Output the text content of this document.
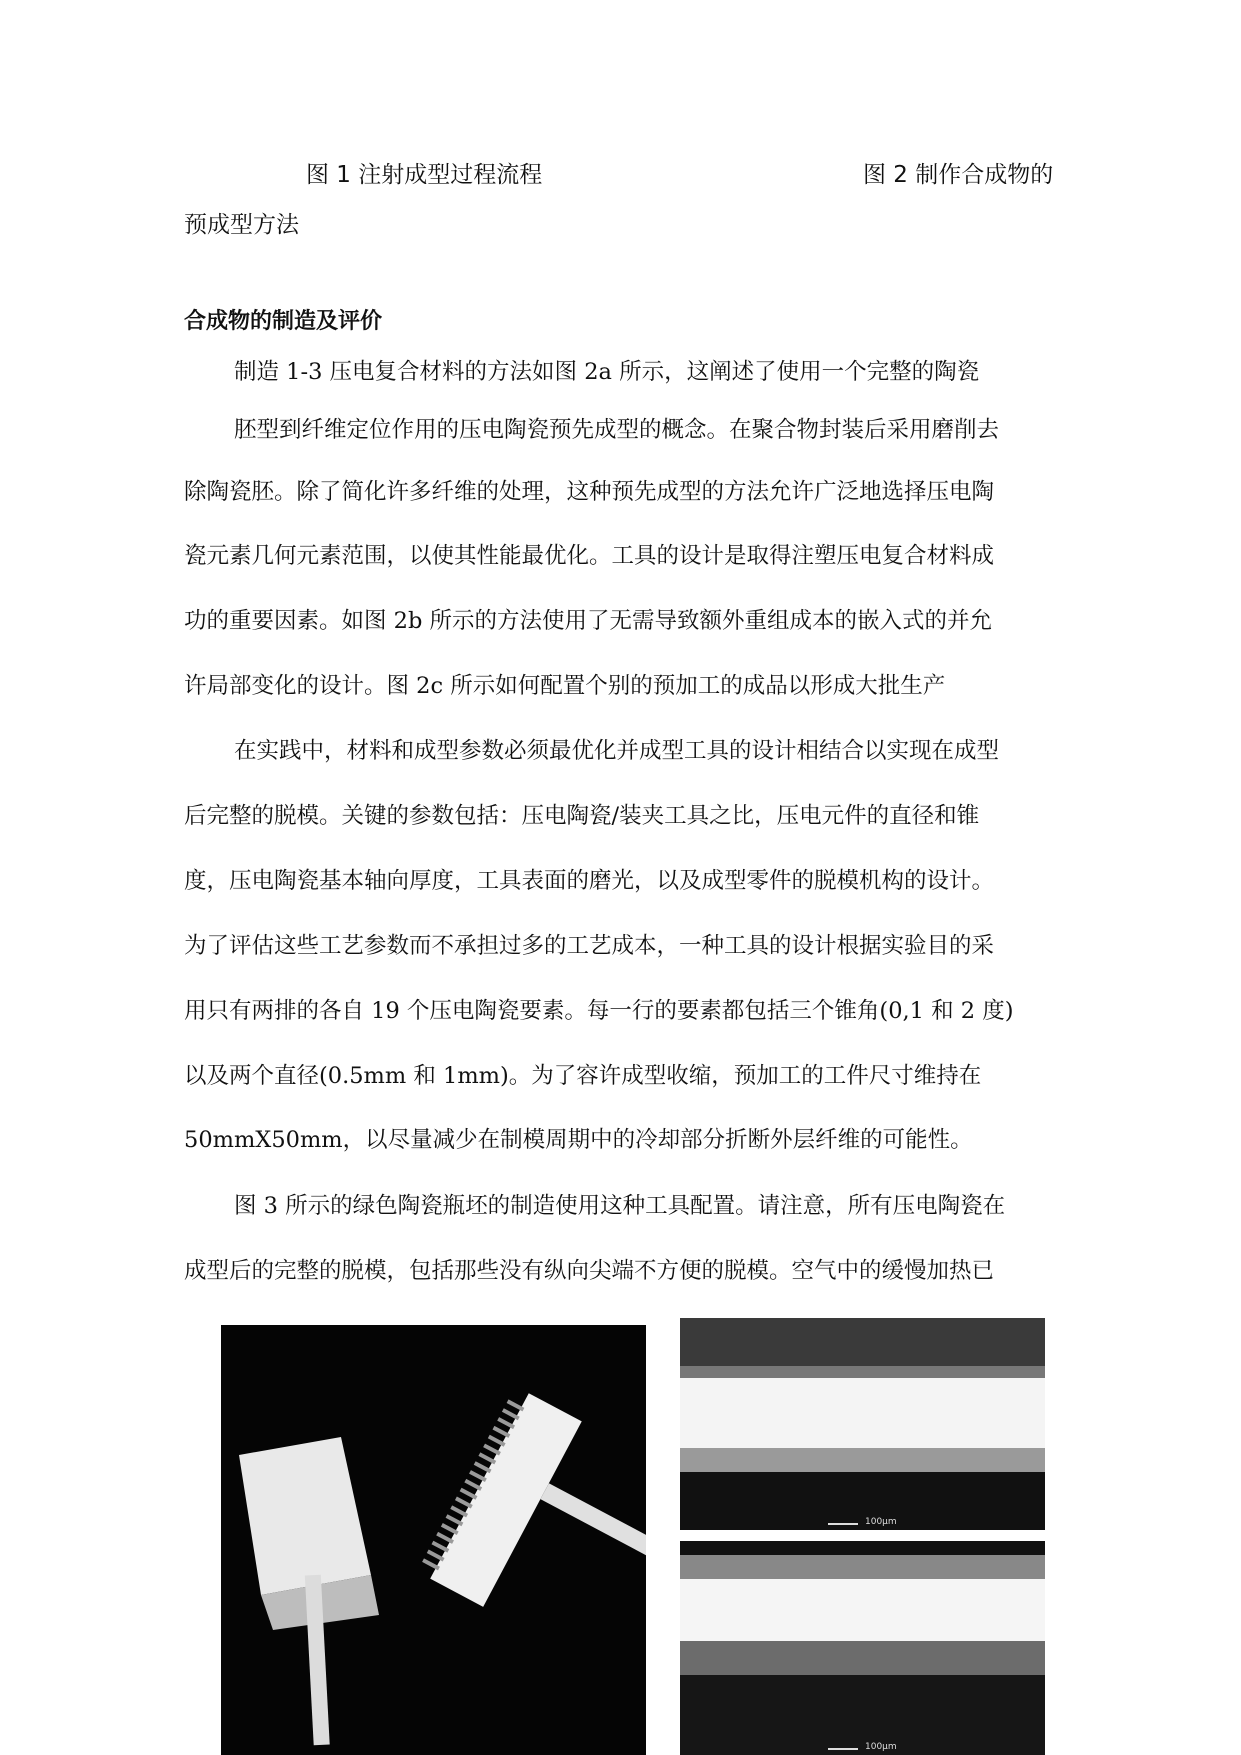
图 1 注射成型过程流程	图 2 制作合成物的
预成型方法
合成物的制造及评价
制造 1-3 压电复合材料的方法如图 2a 所示，这阐述了使用一个完整的陶瓷
胚型到纤维定位作用的压电陶瓷预先成型的概念。在聚合物封装后采用磨削去
除陶瓷胚。除了简化许多纤维的处理，这种预先成型的方法允许广泛地选择压电陶
瓷元素几何元素范围，以使其性能最优化。工具的设计是取得注塑压电复合材料成
功的重要因素。如图 2b 所示的方法使用了无需导致额外重组成本的嵌入式的并允
许局部变化的设计。图 2c 所示如何配置个别的预加工的成品以形成大批生产
在实践中，材料和成型参数必须最优化并成型工具的设计相结合以实现在成型
后完整的脱模。关键的参数包括：压电陶瓷/装夹工具之比，压电元件的直径和锥
度，压电陶瓷基本轴向厚度，工具表面的磨光，以及成型零件的脱模机构的设计。
为了评估这些工艺参数而不承担过多的工艺成本，一种工具的设计根据实验目的采
用只有两排的各自 19 个压电陶瓷要素。每一行的要素都包括三个锥角(0,1 和 2 度)
以及两个直径(0.5mm 和 1mm)。为了容许成型收缩，预加工的工件尺寸维持在
50mmX50mm，以尽量减少在制模周期中的冷却部分折断外层纤维的可能性。
图 3 所示的绿色陶瓷瓶坯的制造使用这种工具配置。请注意，所有压电陶瓷在
成型后的完整的脱模，包括那些没有纵向尖端不方便的脱模。空气中的缓慢加热已
100μm
100μm
